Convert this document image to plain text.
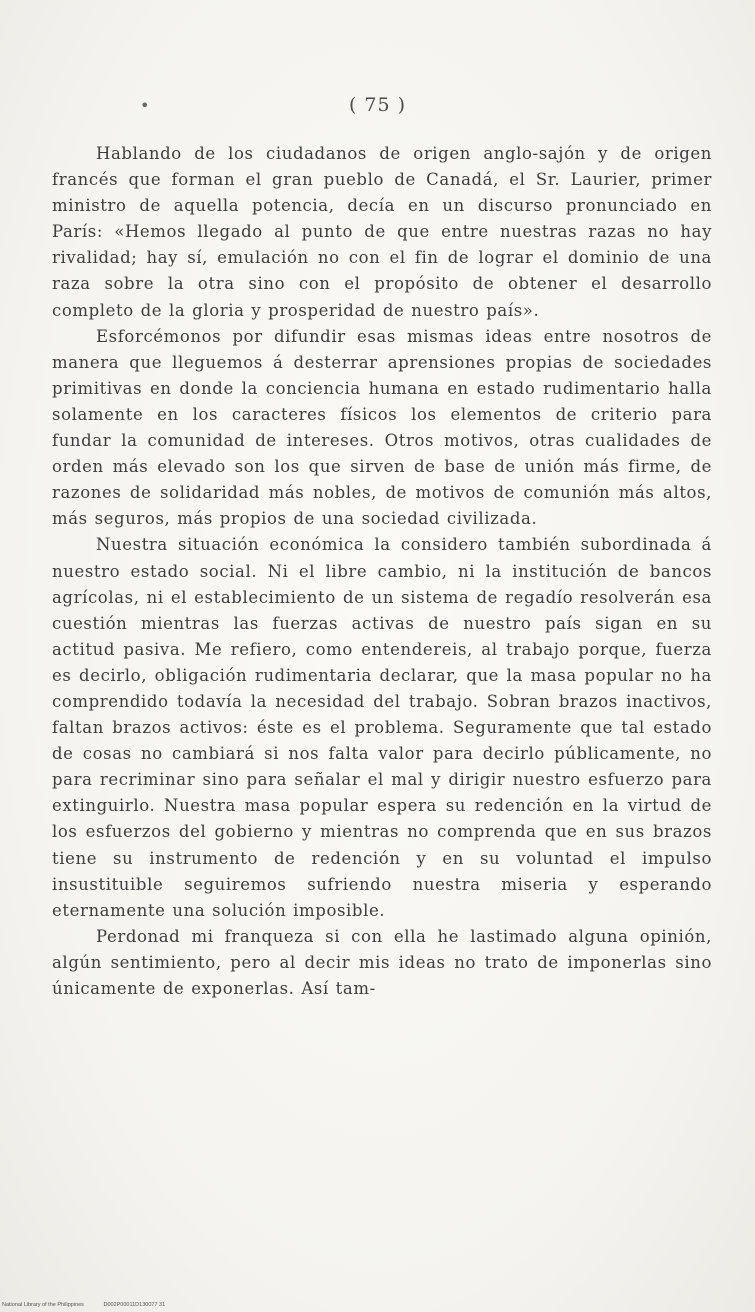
•	( 75 )

Hablando de los ciudadanos de origen anglo-sajón y de origen francés que forman el gran pueblo de Canadá, el Sr. Laurier, primer ministro de aquella potencia, decía en un discurso pronunciado en París: «Hemos llegado al punto de que entre nuestras razas no hay rivalidad; hay sí, emulación no con el fin de lograr el dominio de una raza sobre la otra sino con el propósito de obtener el desarrollo completo de la gloria y prosperidad de nuestro país».

Esforcémonos por difundir esas mismas ideas entre nosotros de manera que lleguemos á desterrar aprensiones propias de sociedades primitivas en donde la conciencia humana en estado rudimentario halla solamente en los caracteres físicos los elementos de criterio para fundar la comunidad de intereses. Otros motivos, otras cualidades de orden más elevado son los que sirven de base de unión más firme, de razones de solidaridad más nobles, de motivos de comunión más altos, más seguros, más propios de una sociedad civilizada.

Nuestra situación económica la considero también subordinada á nuestro estado social. Ni el libre cambio, ni la institución de bancos agrícolas, ni el establecimiento de un sistema de regadío resolverán esa cuestión mientras las fuerzas activas de nuestro país sigan en su actitud pasiva. Me refiero, como entendereis, al trabajo porque, fuerza es decirlo, obligación rudimentaria declarar, que la masa popular no ha comprendido todavía la necesidad del trabajo. Sobran brazos inactivos, faltan brazos activos: éste es el problema. Seguramente que tal estado de cosas no cambiará si nos falta valor para decirlo públicamente, no para recriminar sino para señalar el mal y dirigir nuestro esfuerzo para extinguirlo. Nuestra masa popular espera su redención en la virtud de los esfuerzos del gobierno y mientras no comprenda que en sus brazos tiene su instrumento de redención y en su voluntad el impulso insustituible seguiremos sufriendo nuestra miseria y esperando eternamente una solución imposible.

Perdonad mi franqueza si con ella he lastimado alguna opinión, algún sentimiento, pero al decir mis ideas no trato de imponerlas sino únicamente de exponerlas. Así tam-

National Library of the Philippines	D002P00011D130077 31
